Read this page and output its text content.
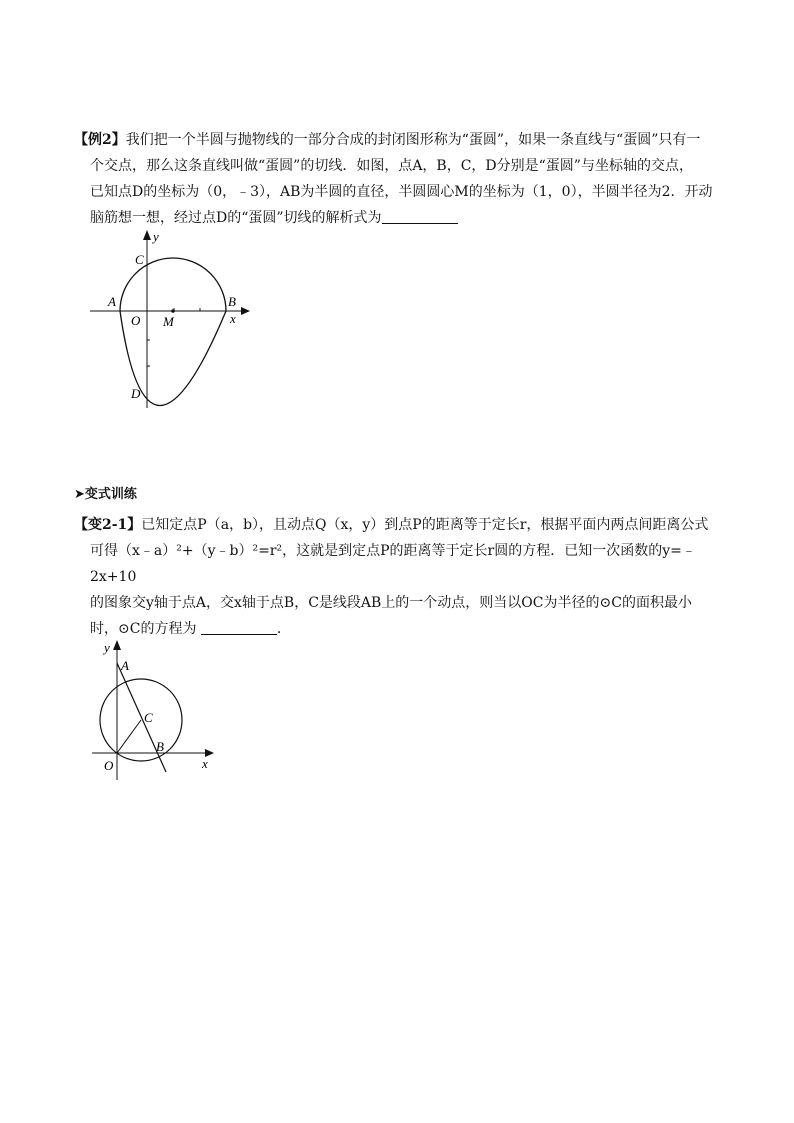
【例2】我们把一个半圆与抛物线的一部分合成的封闭图形称为“蛋圆”，如果一条直线与“蛋圆”只有一
个交点，那么这条直线叫做“蛋圆”的切线．如图，点A，B，C，D分别是“蛋圆”与坐标轴的交点，
已知点D的坐标为（0，﹣3），AB为半圆的直径，半圆圆心M的坐标为（1，0），半圆半径为2．开动
脑筋想一想，经过点D的“蛋圆”切线的解析式为
y
x
C
A	B
O M
D
➤变式训练
【变2-1】已知定点P（a，b），且动点Q（x，y）到点P的距离等于定长r，根据平面内两点间距离公式
可得（x﹣a）²+（y﹣b）²=r²，这就是到定点P的距离等于定长r圆的方程．已知一次函数的y=﹣2x+10
的图象交y轴于点A，交x轴于点B，C是线段AB上的一个动点，则当以OC为半径的⊙C的面积最小
时，⊙C的方程为	．
y
A
C
B
O	x
